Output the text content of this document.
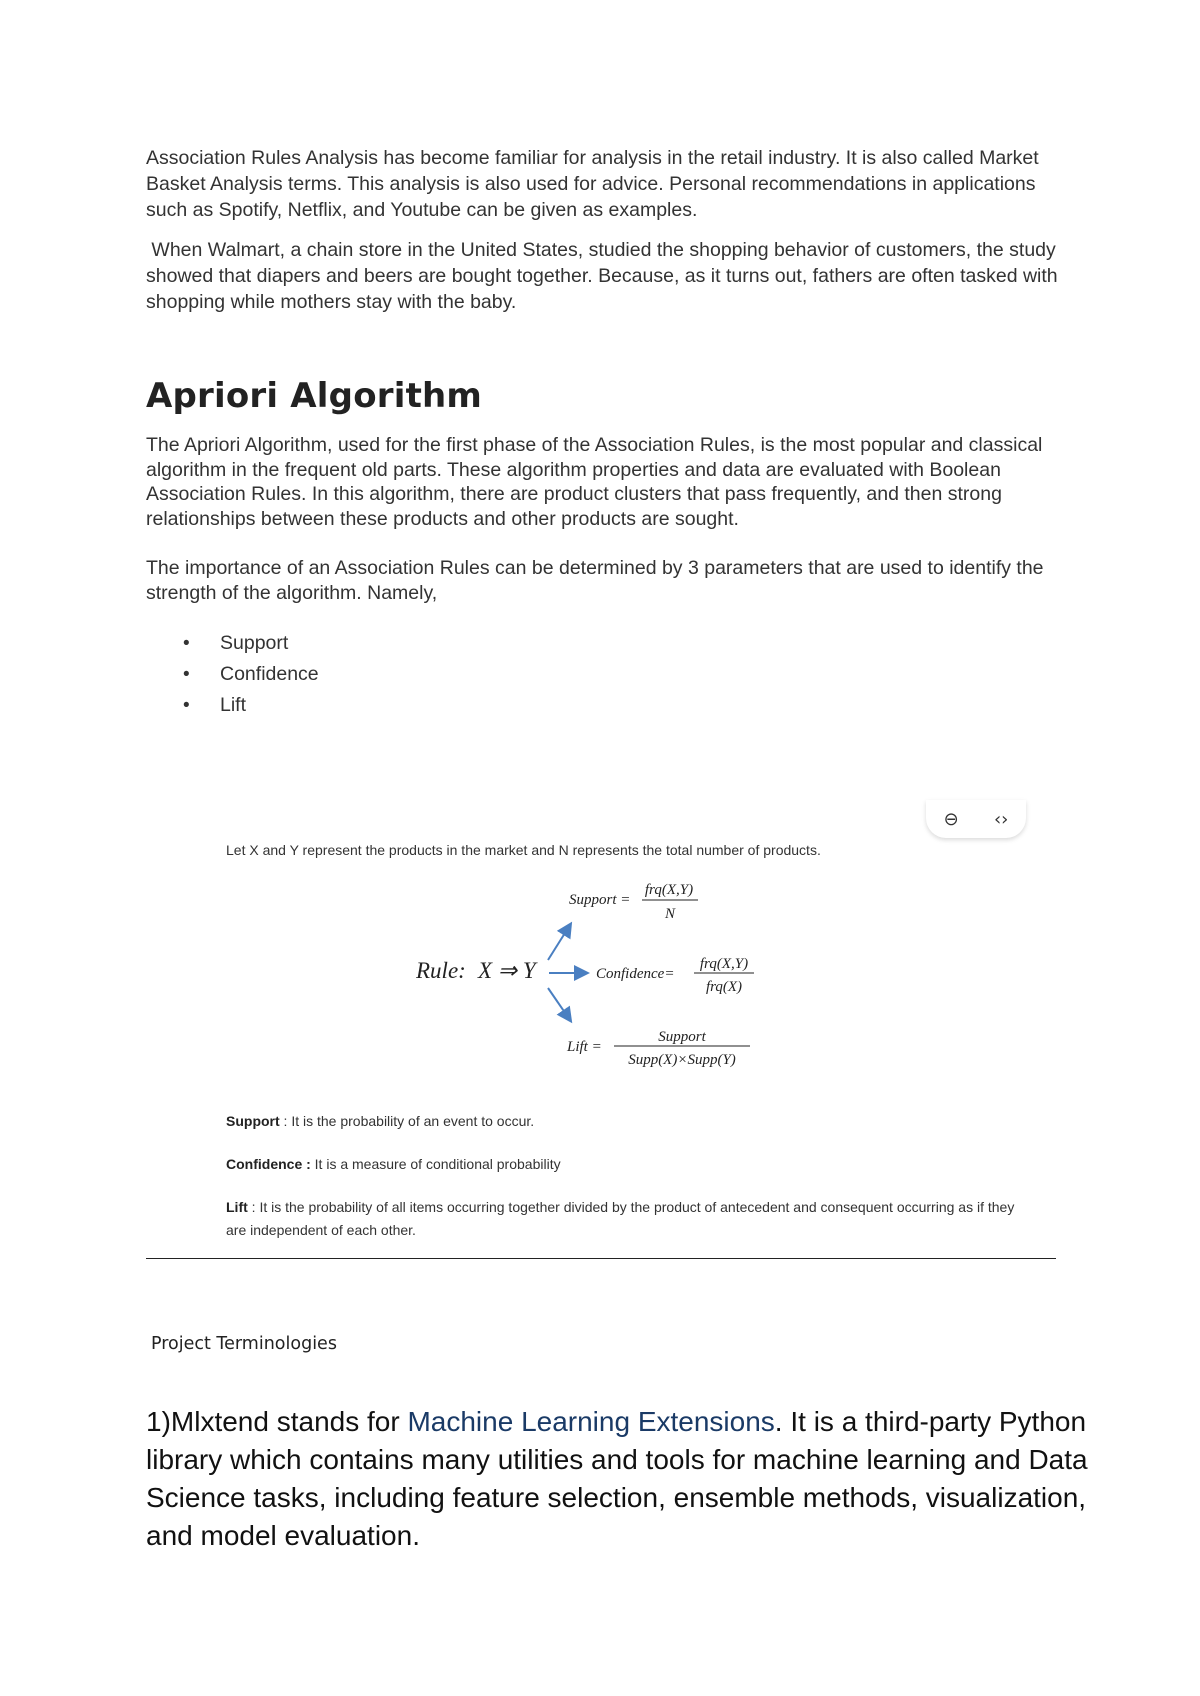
Association Rules Analysis has become familiar for analysis in the retail industry. It is also called Market Basket Analysis terms. This analysis is also used for advice. Personal recommendations in applications such as Spotify, Netflix, and Youtube can be given as examples.

When Walmart, a chain store in the United States, studied the shopping behavior of customers, the study showed that diapers and beers are bought together. Because, as it turns out, fathers are often tasked with shopping while mothers stay with the baby.

Apriori Algorithm

The Apriori Algorithm, used for the first phase of the Association Rules, is the most popular and classical algorithm in the frequent old parts. These algorithm properties and data are evaluated with Boolean Association Rules. In this algorithm, there are product clusters that pass frequently, and then strong relationships between these products and other products are sought.

The importance of an Association Rules can be determined by 3 parameters that are used to identify the strength of the algorithm. Namely,

• Support
• Confidence
• Lift
⊖ ‹›
Let X and Y represent the products in the market and N represents the total number of products.
Rule: X ⇒ Y
Support =
frq(X,Y)
N
Confidence=
frq(X,Y)
frq(X)
Lift =
Support
Supp(X)×Supp(Y)
Support : It is the probability of an event to occur.
Confidence : It is a measure of conditional probability
Lift : It is the probability of all items occurring together divided by the product of antecedent and consequent occurring as if they are independent of each other.
Project Terminologies
1)Mlxtend stands for Machine Learning Extensions. It is a third-party Python library which contains many utilities and tools for machine learning and Data Science tasks, including feature selection, ensemble methods, visualization, and model evaluation.
